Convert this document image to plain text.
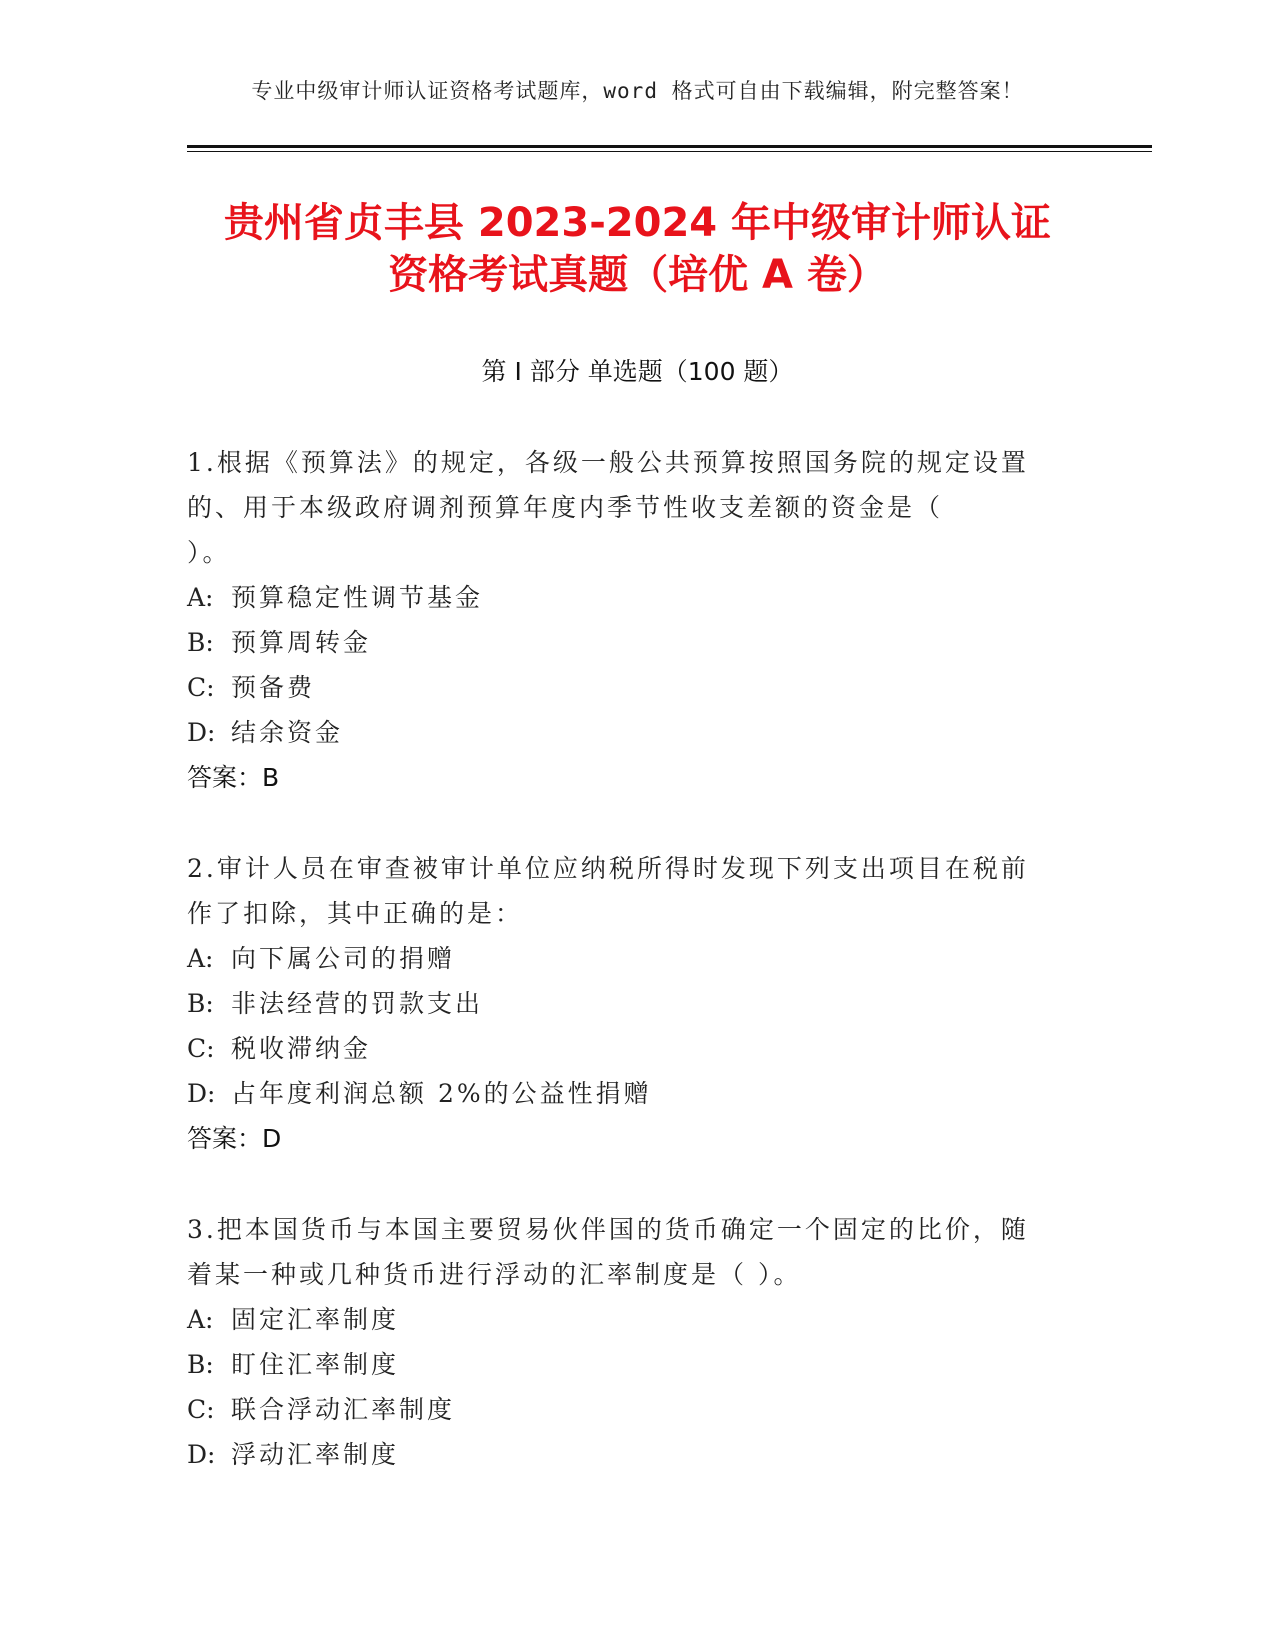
专业中级审计师认证资格考试题库，word 格式可自由下载编辑，附完整答案！
贵州省贞丰县 2023-2024 年中级审计师认证
资格考试真题（培优 A 卷）
第 I 部分 单选题（100 题）

1.根据《预算法》的规定，各级一般公共预算按照国务院的规定设置

的、用于本级政府调剂预算年度内季节性收支差额的资金是（

）。

A: 预算稳定性调节基金

B: 预算周转金

C: 预备费

D: 结余资金

答案：B

2.审计人员在审查被审计单位应纳税所得时发现下列支出项目在税前

作了扣除，其中正确的是：

A: 向下属公司的捐赠

B: 非法经营的罚款支出

C: 税收滞纳金

D: 占年度利润总额 2%的公益性捐赠

答案：D

3.把本国货币与本国主要贸易伙伴国的货币确定一个固定的比价，随

着某一种或几种货币进行浮动的汇率制度是（ ）。

A: 固定汇率制度

B: 盯住汇率制度

C: 联合浮动汇率制度

D: 浮动汇率制度
